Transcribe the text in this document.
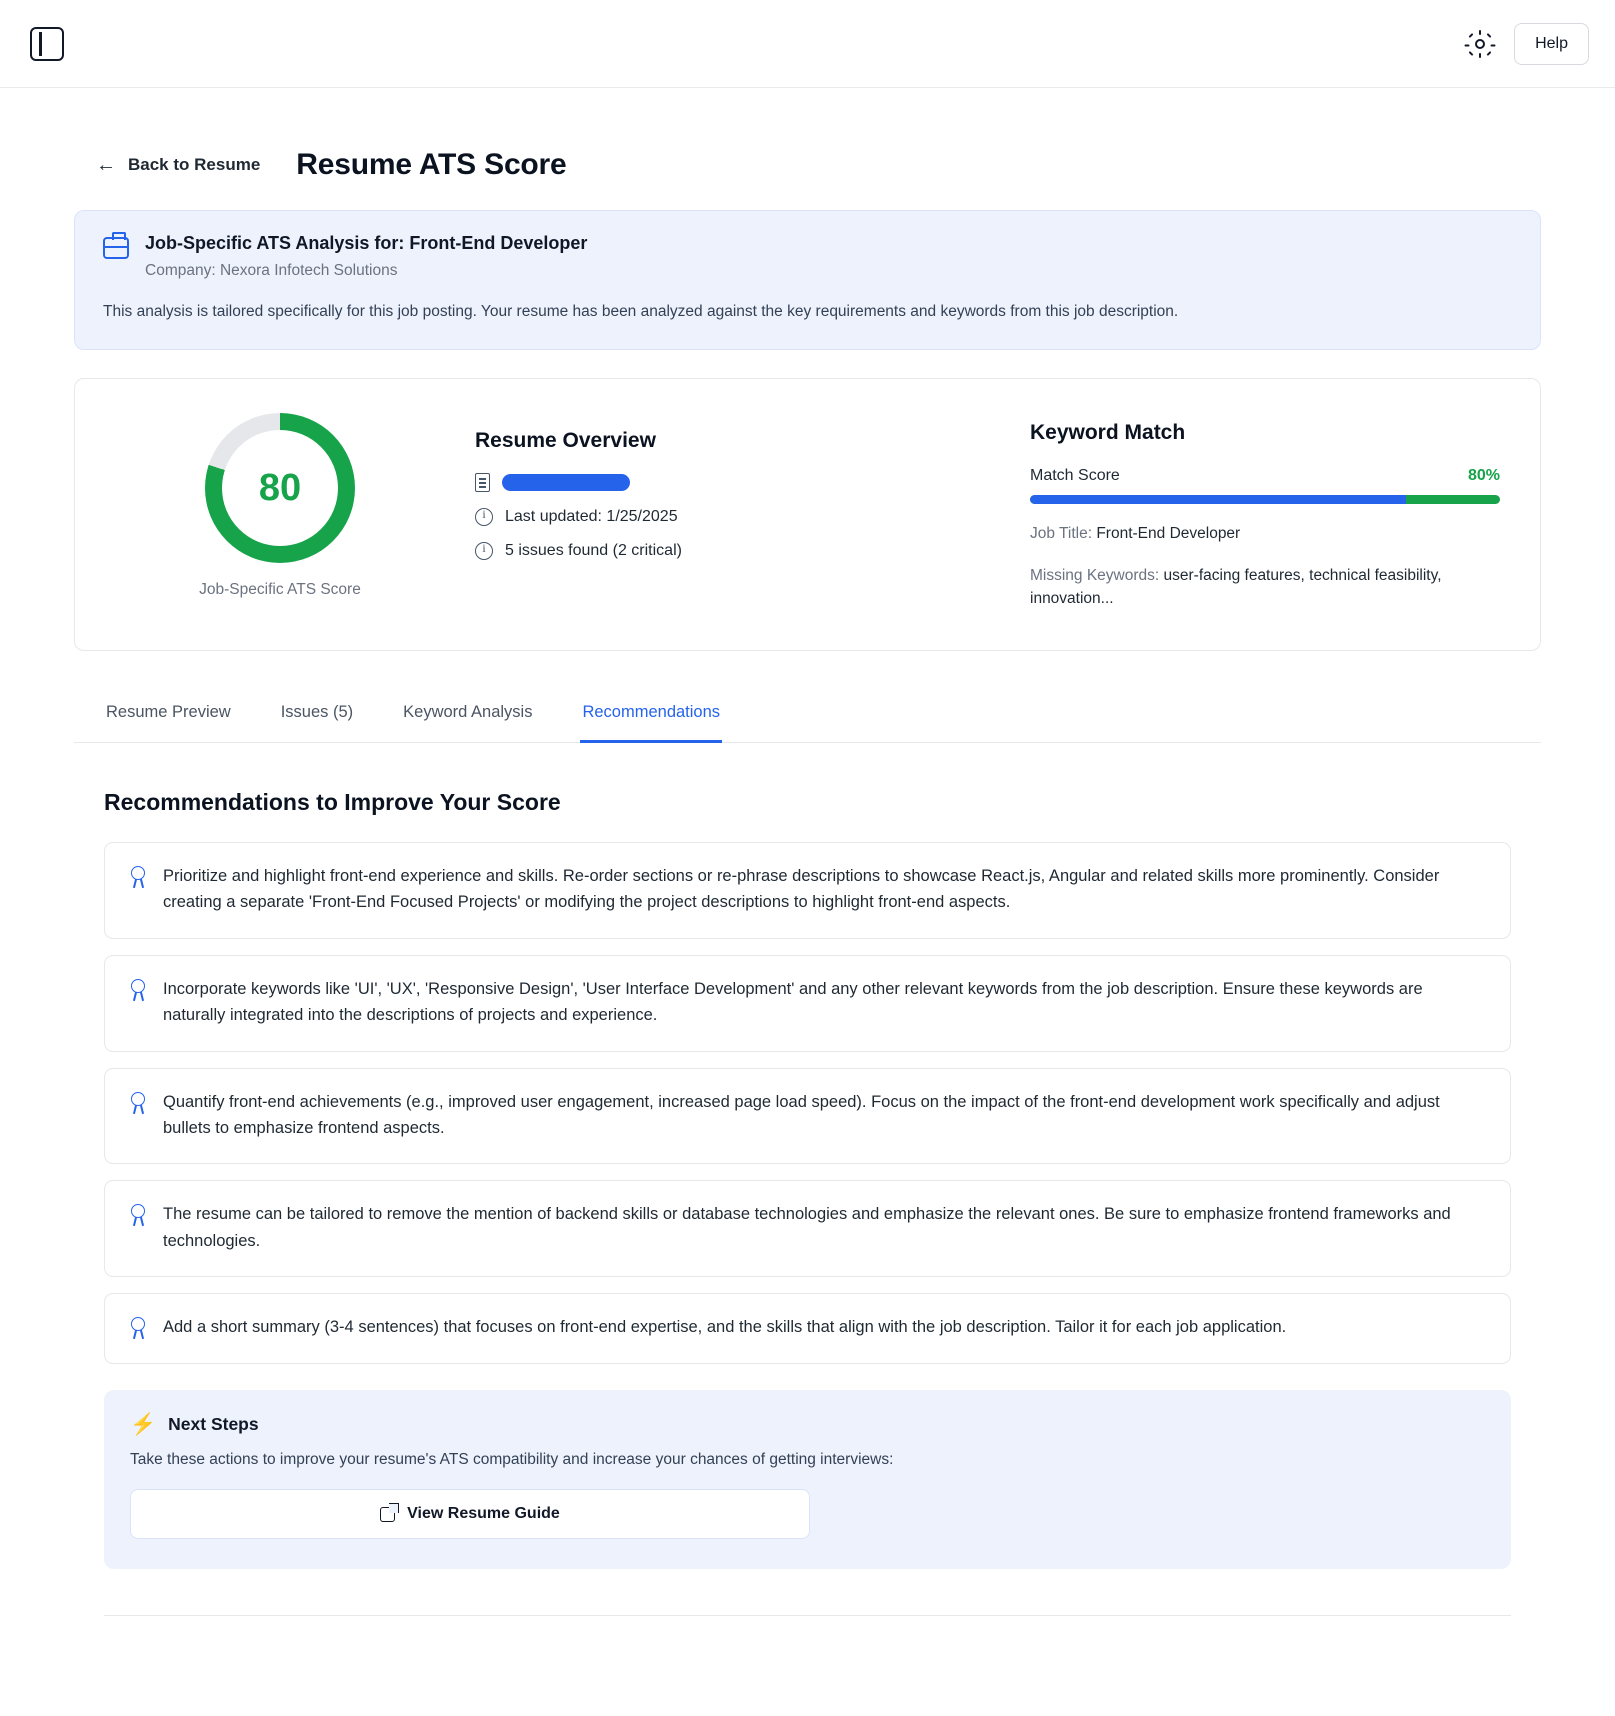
Help
← Back to Resume Resume ATS Score
Job-Specific ATS Analysis for: Front-End Developer
Company: Nexora Infotech Solutions
This analysis is tailored specifically for this job posting. Your resume has been analyzed against the key requirements and keywords from this job description.
80
Job-Specific ATS Score
Resume Overview
i
Last updated: 1/25/2025
i
5 issues found (2 critical)
Keyword Match
Match Score	80%
Job Title: Front-End Developer
Missing Keywords: user-facing features, technical feasibility, innovation...
Resume Preview	Issues (5)	Keyword Analysis	Recommendations
Recommendations to Improve Your Score
Prioritize and highlight front-end experience and skills. Re-order sections or re-phrase descriptions to showcase React.js, Angular and related skills more prominently. Consider creating a separate 'Front-End Focused Projects' or modifying the project descriptions to highlight front-end aspects.
Incorporate keywords like 'UI', 'UX', 'Responsive Design', 'User Interface Development' and any other relevant keywords from the job description. Ensure these keywords are naturally integrated into the descriptions of projects and experience.
Quantify front-end achievements (e.g., improved user engagement, increased page load speed). Focus on the impact of the front-end development work specifically and adjust bullets to emphasize frontend aspects.
The resume can be tailored to remove the mention of backend skills or database technologies and emphasize the relevant ones. Be sure to emphasize frontend frameworks and technologies.
Add a short summary (3-4 sentences) that focuses on front-end expertise, and the skills that align with the job description. Tailor it for each job application.
⚡ Next Steps
Take these actions to improve your resume's ATS compatibility and increase your chances of getting interviews:
View Resume Guide
